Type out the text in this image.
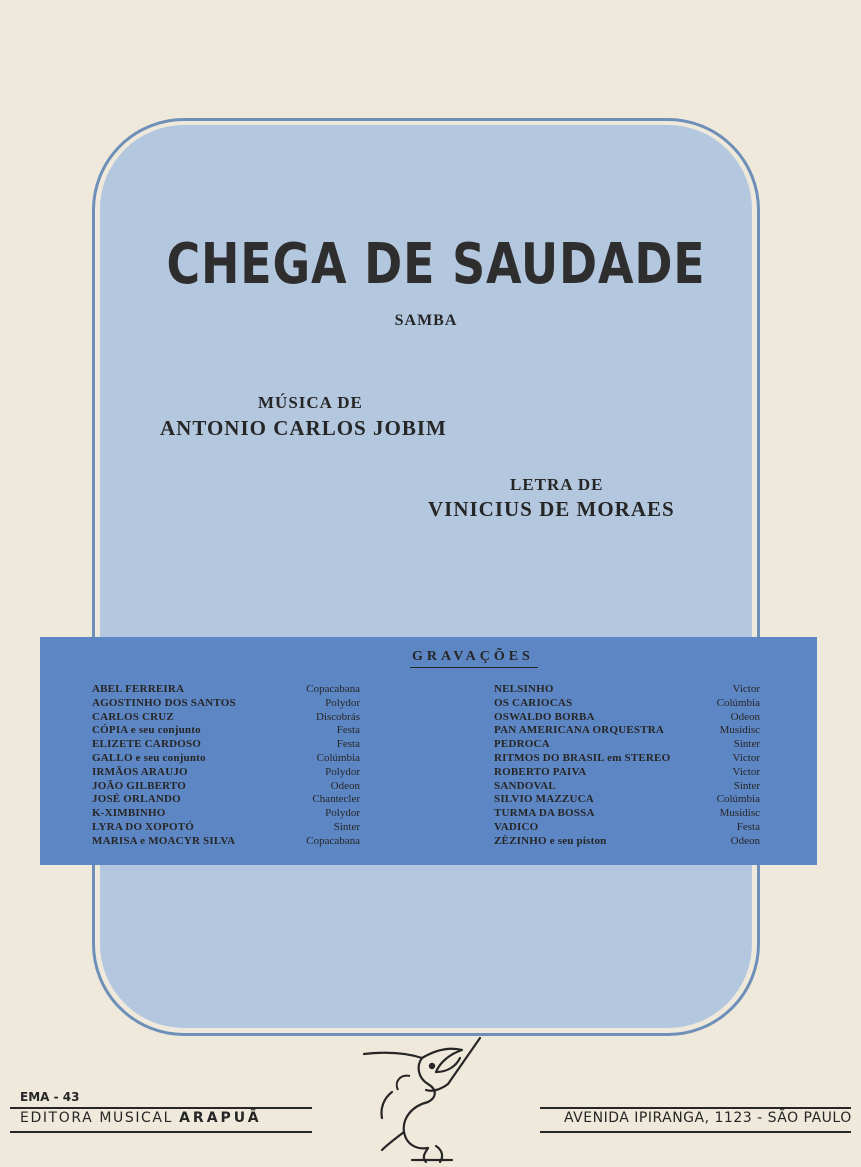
CHEGA DE SAUDADE
SAMBA
MÚSICA DE
ANTONIO CARLOS JOBIM
LETRA DE
VINICIUS DE MORAES
GRAVAÇÕES
ABEL FERREIRA	Copacabana
AGOSTINHO DOS SANTOS	Polydor
CARLOS CRUZ	Discobrás
CÓPIA e seu conjunto	Festa
ELIZETE CARDOSO	Festa
GALLO e seu conjunto	Colúmbia
IRMÃOS ARAUJO	Polydor
JOÃO GILBERTO	Odeon
JOSÉ ORLANDO	Chantecler
K-XIMBINHO	Polydor
LYRA DO XOPOTÓ	Sinter
MARISA e MOACYR SILVA	Copacabana
NELSINHO	Victor
OS CARIOCAS	Colúmbia
OSWALDO BORBA	Odeon
PAN AMERICANA ORQUESTRA	Musidisc
PEDROCA	Sinter
RITMOS DO BRASIL em STEREO	Victor
ROBERTO PAIVA	Victor
SANDOVAL	Sinter
SILVIO MAZZUCA	Colúmbia
TURMA DA BOSSA	Musidisc
VADICO	Festa
ZÈZINHO e seu piston	Odeon
EMA - 43
EDITORA MUSICAL ARAPUÃ	AVENIDA IPIRANGA, 1123 - SÃO PAULO
